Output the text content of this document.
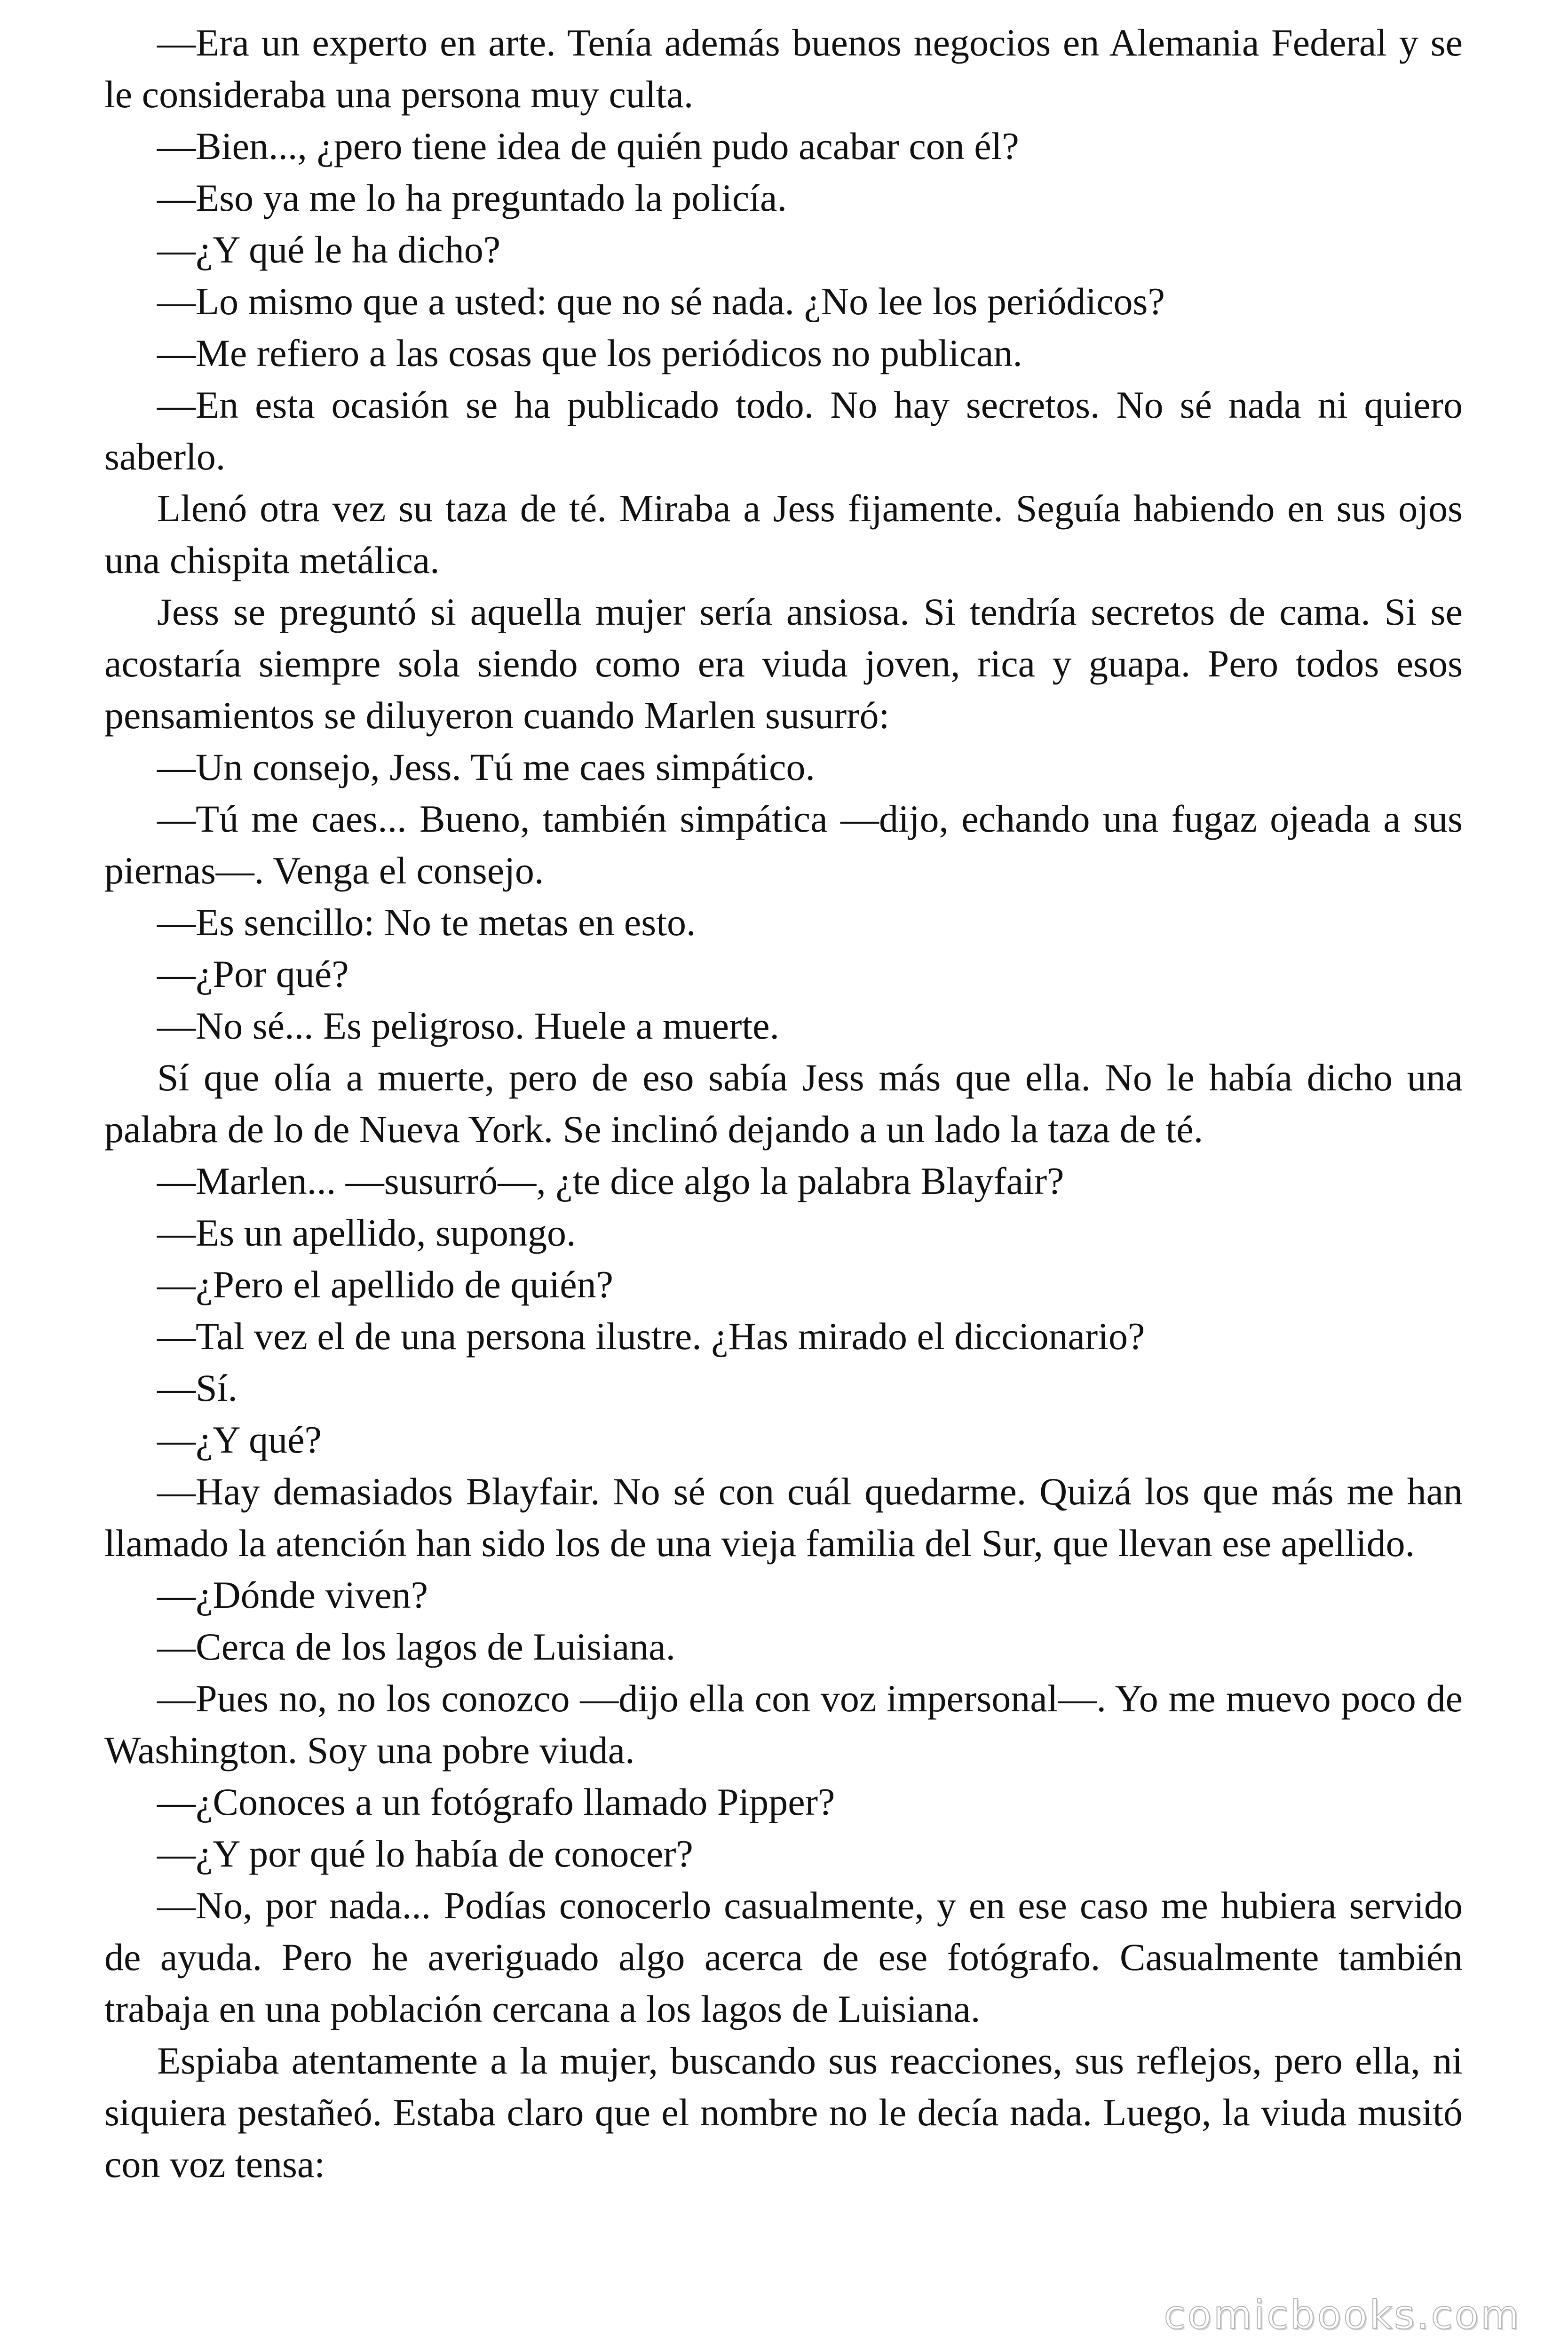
—Era un experto en arte. Tenía además buenos negocios en Alemania Federal y se le consideraba una persona muy culta.

—Bien..., ¿pero tiene idea de quién pudo acabar con él?

—Eso ya me lo ha preguntado la policía.

—¿Y qué le ha dicho?

—Lo mismo que a usted: que no sé nada. ¿No lee los periódicos?

—Me refiero a las cosas que los periódicos no publican.

—En esta ocasión se ha publicado todo. No hay secretos. No sé nada ni quiero saberlo.

Llenó otra vez su taza de té. Miraba a Jess fijamente. Seguía habiendo en sus ojos una chispita metálica.

Jess se preguntó si aquella mujer sería ansiosa. Si tendría secretos de cama. Si se acostaría siempre sola siendo como era viuda joven, rica y guapa. Pero todos esos pensamientos se diluyeron cuando Marlen susurró:

—Un consejo, Jess. Tú me caes simpático.

—Tú me caes... Bueno, también simpática —dijo, echando una fugaz ojeada a sus piernas—. Venga el consejo.

—Es sencillo: No te metas en esto.

—¿Por qué?

—No sé... Es peligroso. Huele a muerte.

Sí que olía a muerte, pero de eso sabía Jess más que ella. No le había dicho una palabra de lo de Nueva York. Se inclinó dejando a un lado la taza de té.

—Marlen... —susurró—, ¿te dice algo la palabra Blayfair?

—Es un apellido, supongo.

—¿Pero el apellido de quién?

—Tal vez el de una persona ilustre. ¿Has mirado el diccionario?

—Sí.

—¿Y qué?

—Hay demasiados Blayfair. No sé con cuál quedarme. Quizá los que más me han llamado la atención han sido los de una vieja familia del Sur, que llevan ese apellido.

—¿Dónde viven?

—Cerca de los lagos de Luisiana.

—Pues no, no los conozco —dijo ella con voz impersonal—. Yo me muevo poco de Washington. Soy una pobre viuda.

—¿Conoces a un fotógrafo llamado Pipper?

—¿Y por qué lo había de conocer?

—No, por nada... Podías conocerlo casualmente, y en ese caso me hubiera servido de ayuda. Pero he averiguado algo acerca de ese fotógrafo. Casualmente también trabaja en una población cercana a los lagos de Luisiana.

Espiaba atentamente a la mujer, buscando sus reacciones, sus reflejos, pero ella, ni siquiera pestañeó. Estaba claro que el nombre no le decía nada. Luego, la viuda musitó con voz tensa:

comicbooks.com
